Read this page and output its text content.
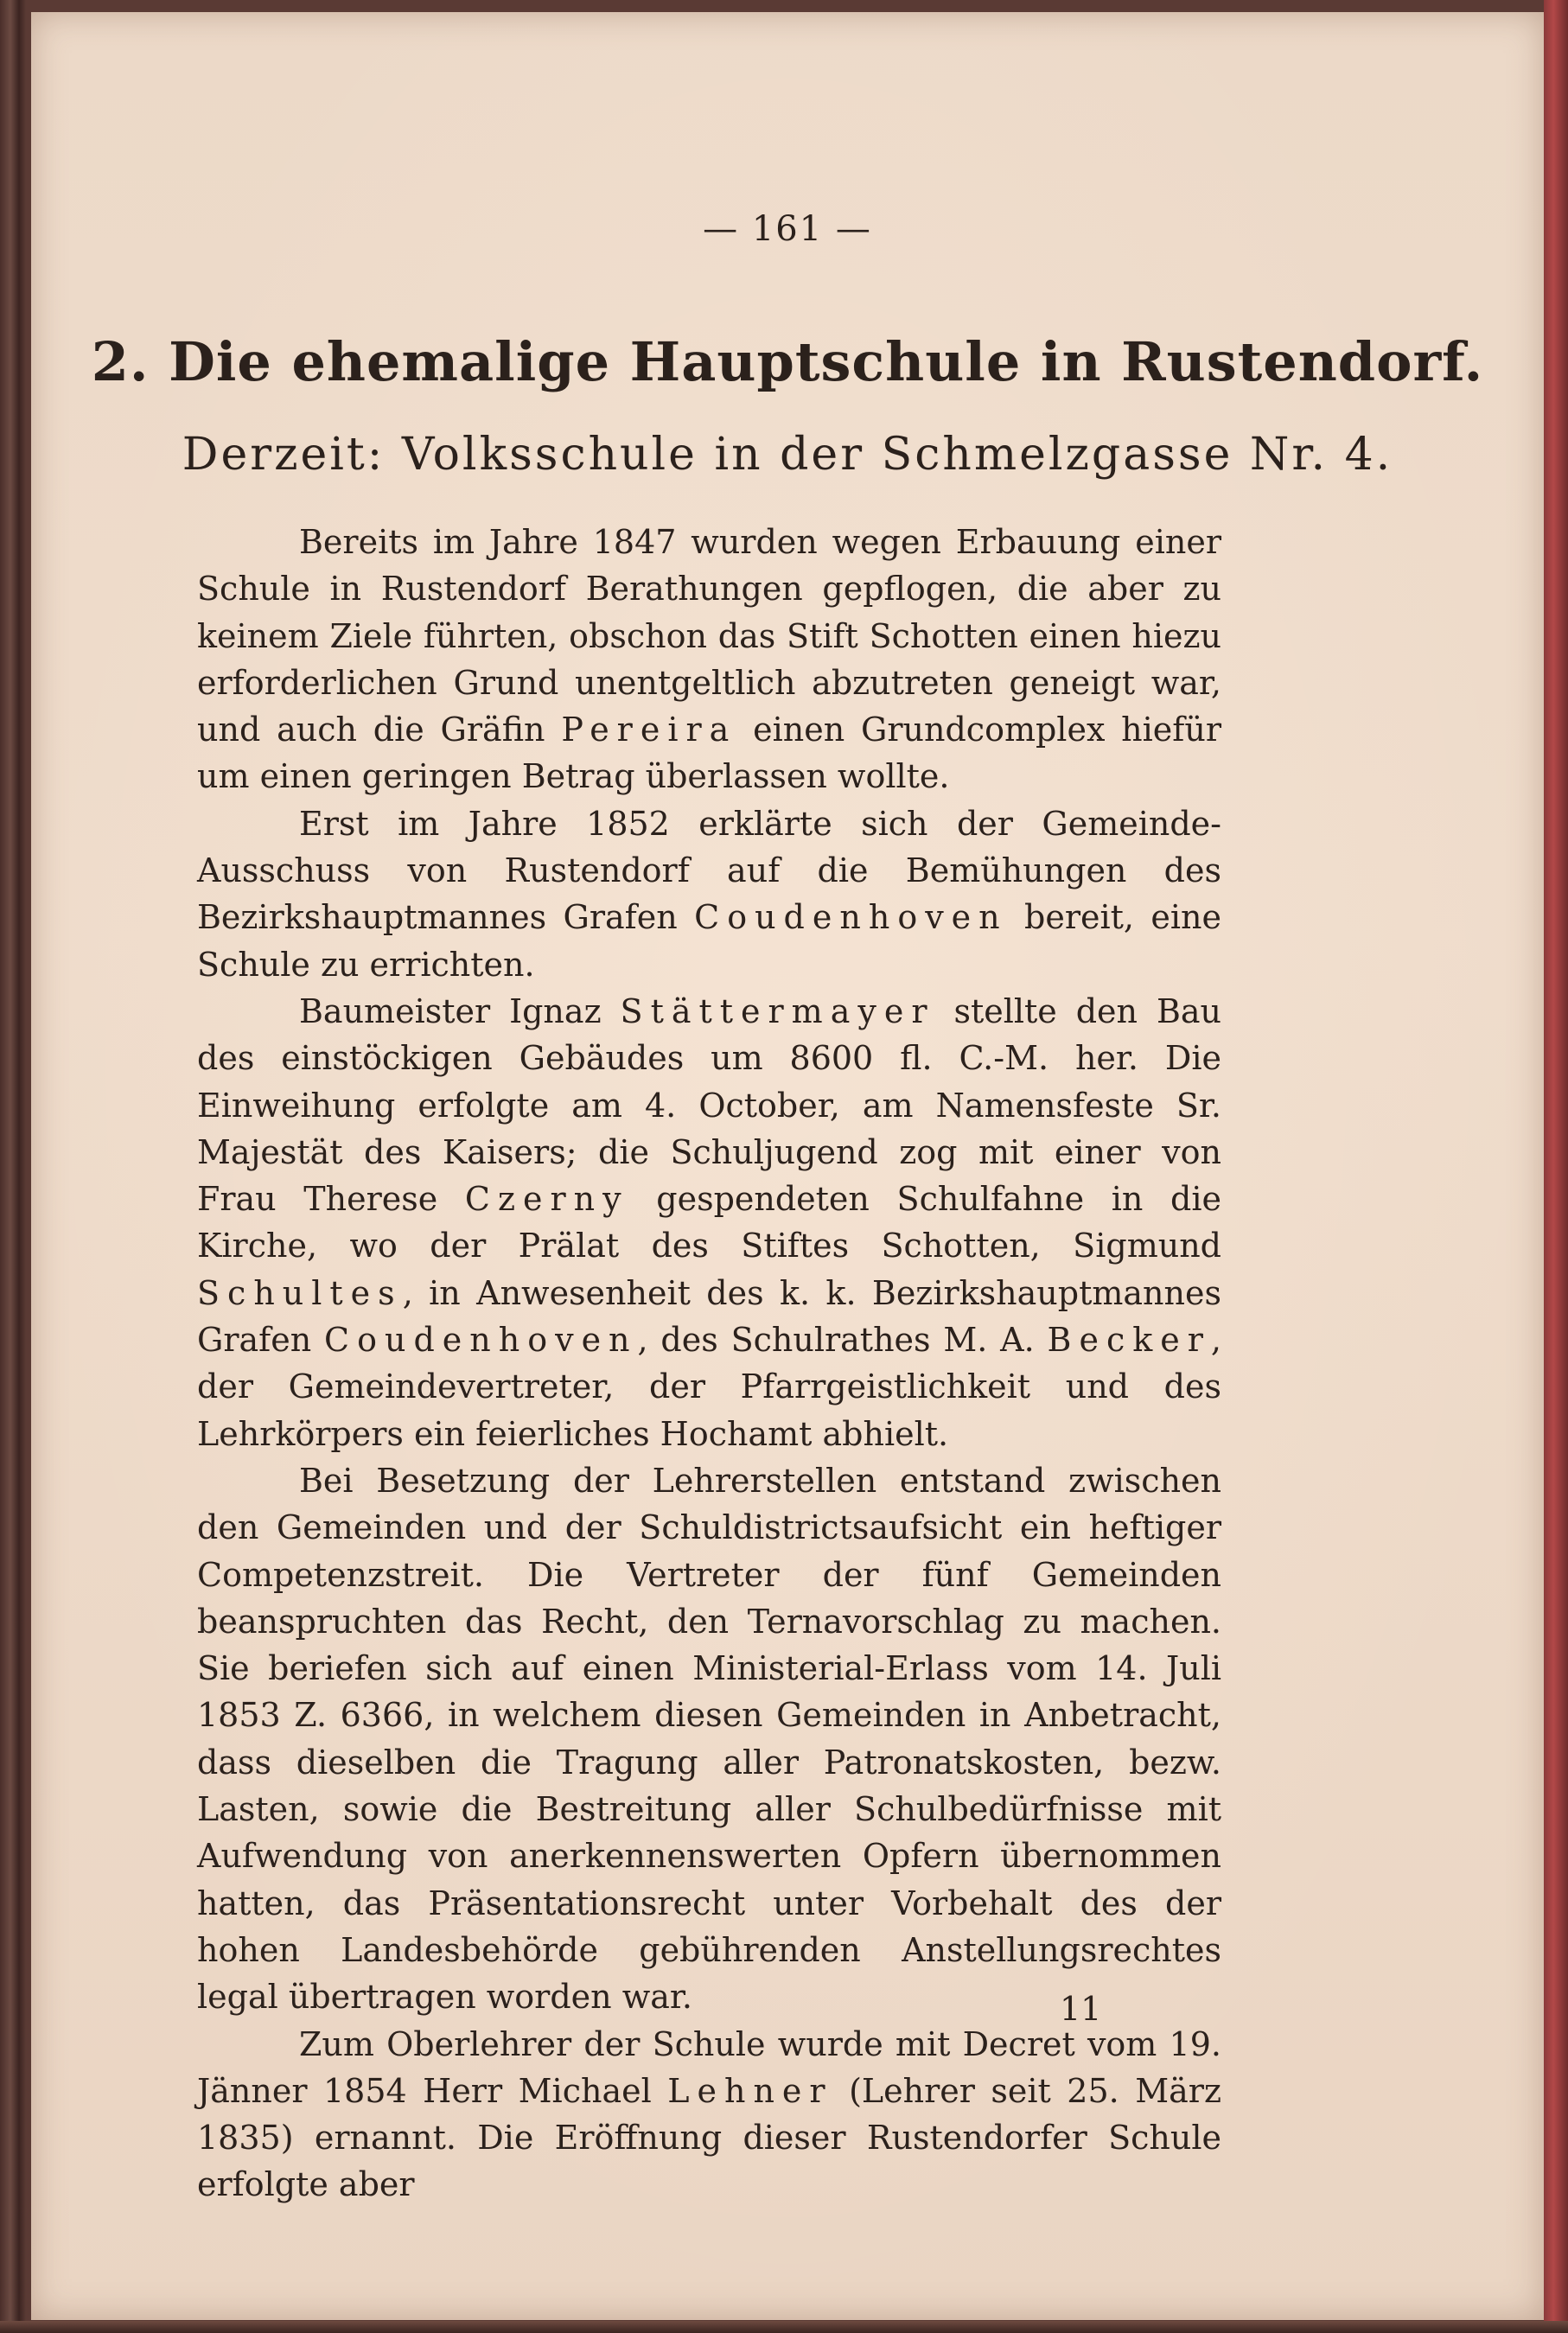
— 161 —
2. Die ehemalige Hauptschule in Rustendorf.
Derzeit: Volksschule in der Schmelzgasse Nr. 4.

Bereits im Jahre 1847 wurden wegen Erbauung einer Schule in Rustendorf Berathungen gepflogen, die aber zu keinem Ziele führten, obschon das Stift Schotten einen hiezu erforderlichen Grund unentgeltlich abzutreten geneigt war, und auch die Gräfin Pereira einen Grundcomplex hiefür um einen geringen Betrag überlassen wollte.

Erst im Jahre 1852 erklärte sich der Gemeinde-Ausschuss von Rustendorf auf die Bemühungen des Bezirkshauptmannes Grafen Coudenhoven bereit, eine Schule zu errichten.

Baumeister Ignaz Stättermayer stellte den Bau des einstöckigen Gebäudes um 8600 fl. C.-M. her. Die Einweihung erfolgte am 4. October, am Namensfeste Sr. Majestät des Kaisers; die Schuljugend zog mit einer von Frau Therese Czerny gespendeten Schulfahne in die Kirche, wo der Prälat des Stiftes Schotten, Sigmund Schultes, in Anwesenheit des k. k. Bezirkshauptmannes Grafen Coudenhoven, des Schulrathes M. A. Becker, der Gemeindevertreter, der Pfarrgeistlichkeit und des Lehrkörpers ein feierliches Hochamt abhielt.

Bei Besetzung der Lehrerstellen entstand zwischen den Gemeinden und der Schuldistrictsaufsicht ein heftiger Competenzstreit. Die Vertreter der fünf Gemeinden beanspruchten das Recht, den Ternavorschlag zu machen. Sie beriefen sich auf einen Ministerial-Erlass vom 14. Juli 1853 Z. 6366, in welchem diesen Gemeinden in Anbetracht, dass dieselben die Tragung aller Patronatskosten, bezw. Lasten, sowie die Bestreitung aller Schulbedürfnisse mit Aufwendung von anerkennenswerten Opfern übernommen hatten, das Präsentationsrecht unter Vorbehalt des der hohen Landesbehörde gebührenden Anstellungsrechtes legal übertragen worden war.

Zum Oberlehrer der Schule wurde mit Decret vom 19. Jänner 1854 Herr Michael Lehner (Lehrer seit 25. März 1835) ernannt. Die Eröffnung dieser Rustendorfer Schule erfolgte aber

11
